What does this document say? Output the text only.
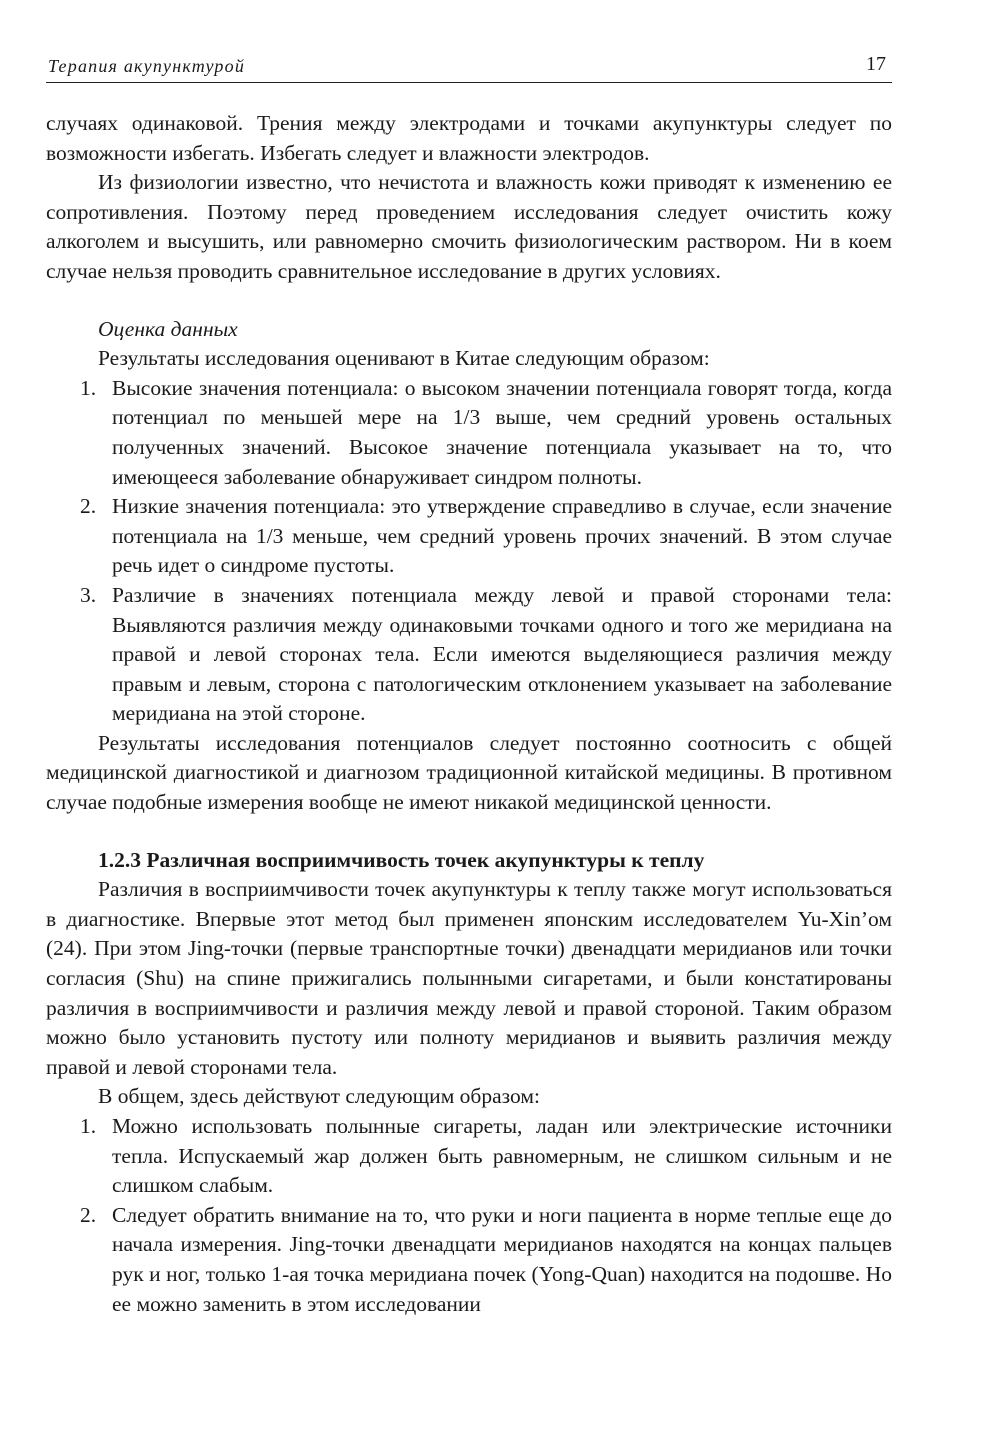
Терапия акупунктурой	17

случаях одинаковой. Трения между электродами и точками акупунктуры следует по возможности избегать. Избегать следует и влажности электродов.

Из физиологии известно, что нечистота и влажность кожи приводят к изменению ее сопротивления. Поэтому перед проведением исследования следует очистить кожу алкоголем и высушить, или равномерно смочить физиологическим раствором. Ни в коем случае нельзя проводить сравнительное исследование в других условиях.

Оценка данных

Результаты исследования оценивают в Китае следующим образом:

1. Высокие значения потенциала: о высоком значении потенциала говорят тогда, когда потенциал по меньшей мере на 1/3 выше, чем средний уровень остальных полученных значений. Высокое значение потенциала указывает на то, что имеющееся заболевание обнаруживает синдром полноты.
2. Низкие значения потенциала: это утверждение справедливо в случае, если значение потенциала на 1/3 меньше, чем средний уровень прочих значений. В этом случае речь идет о синдроме пустоты.
3. Различие в значениях потенциала между левой и правой сторонами тела: Выявляются различия между одинаковыми точками одного и того же меридиана на правой и левой сторонах тела. Если имеются выделяющиеся различия между правым и левым, сторона с патологическим отклонением указывает на заболевание меридиана на этой стороне.

Результаты исследования потенциалов следует постоянно соотносить с общей медицинской диагностикой и диагнозом традиционной китайской медицины. В противном случае подобные измерения вообще не имеют никакой медицинской ценности.

1.2.3 Различная восприимчивость точек акупунктуры к теплу

Различия в восприимчивости точек акупунктуры к теплу также могут использоваться в диагностике. Впервые этот метод был применен японским исследователем Yu-Xin’ом (24). При этом Jing-точки (первые транспортные точки) двенадцати меридианов или точки согласия (Shu) на спине прижигались полынными сигаретами, и были констатированы различия в восприимчивости и различия между левой и правой стороной. Таким образом можно было установить пустоту или полноту меридианов и выявить различия между правой и левой сторонами тела.

В общем, здесь действуют следующим образом:

1. Можно использовать полынные сигареты, ладан или электрические источники тепла. Испускаемый жар должен быть равномерным, не слишком сильным и не слишком слабым.
2. Следует обратить внимание на то, что руки и ноги пациента в норме теплые еще до начала измерения. Jing-точки двенадцати меридианов находятся на концах пальцев рук и ног, только 1-ая точка меридиана почек (Yong-Quan) находится на подошве. Но ее можно заменить в этом исследовании
